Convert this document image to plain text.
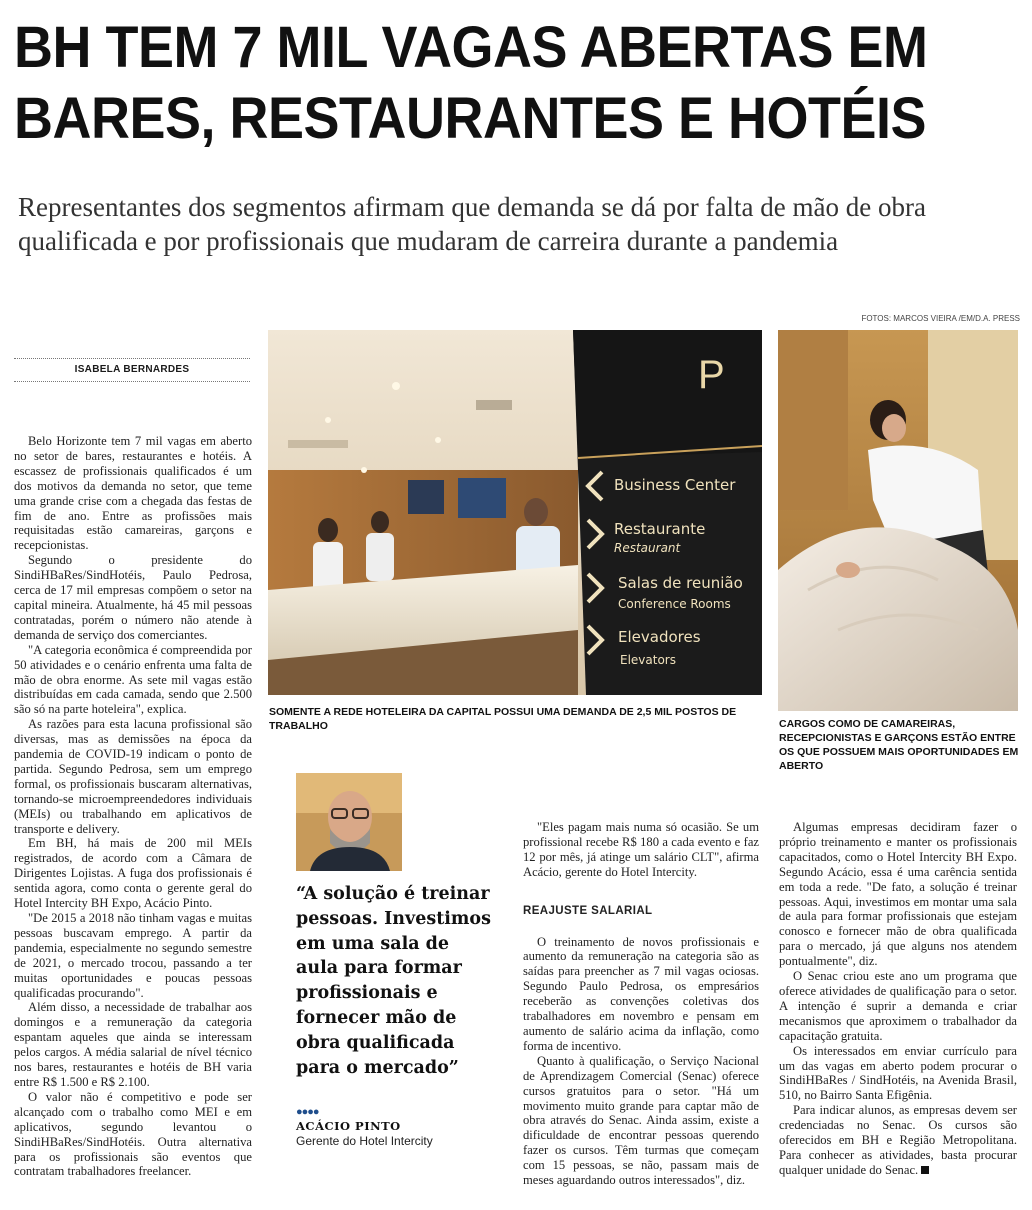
BH TEM 7 MIL VAGAS ABERTAS EM
BARES, RESTAURANTES E HOTÉIS

Representantes dos segmentos afirmam que demanda se dá por falta de mão de obra qualificada e por profissionais que mudaram de carreira durante a pandemia

FOTOS: MARCOS VIEIRA /EM/D.A. PRESS
ISABELA BERNARDES

Belo Horizonte tem 7 mil vagas em aberto no setor de bares, restaurantes e hotéis. A escassez de profissionais qualificados é um dos motivos da demanda no setor, que teme uma grande crise com a chegada das festas de fim de ano. Entre as profissões mais requisitadas estão camareiras, garçons e recepcionistas.

Segundo o presidente do SindiHBaRes/SindHotéis, Paulo Pedrosa, cerca de 17 mil empresas compõem o setor na capital mineira. Atualmente, há 45 mil pessoas contratadas, porém o número não atende à demanda de serviço dos comerciantes.

"A categoria econômica é compreendida por 50 atividades e o cenário enfrenta uma falta de mão de obra enorme. As sete mil vagas estão distribuídas em cada camada, sendo que 2.500 são só na parte hoteleira", explica.

As razões para esta lacuna profissional são diversas, mas as demissões na época da pandemia de COVID-19 indicam o ponto de partida. Segundo Pedrosa, sem um emprego formal, os profissionais buscaram alternativas, tornando-se microempreendedores individuais (MEIs) ou trabalhando em aplicativos de transporte e delivery.

Em BH, há mais de 200 mil MEIs registrados, de acordo com a Câmara de Dirigentes Lojistas. A fuga dos profissionais é sentida agora, como conta o gerente geral do Hotel Intercity BH Expo, Acácio Pinto.

"De 2015 a 2018 não tinham vagas e muitas pessoas buscavam emprego. A partir da pandemia, especialmente no segundo semestre de 2021, o mercado trocou, passando a ter muitas oportunidades e poucas pessoas qualificadas procurando".

Além disso, a necessidade de trabalhar aos domingos e a remuneração da categoria espantam aqueles que ainda se interessam pelos cargos. A média salarial de nível técnico nos bares, restaurantes e hotéis de BH varia entre R$ 1.500 e R$ 2.100.

O valor não é competitivo e pode ser alcançado com o trabalho como MEI e em aplicativos, segundo levantou o SindiHBaRes/SindHotéis. Outra alternativa para os profissionais são eventos que contratam trabalhadores freelancer.

P
Business Center
Restaurante
Restaurant
Salas de reunião
Conference Rooms
Elevadores
Elevators
SOMENTE A REDE HOTELEIRA DA CAPITAL POSSUI UMA DEMANDA DE 2,5 MIL POSTOS DE TRABALHO	CARGOS COMO DE CAMAREIRAS, RECEPCIONISTAS E GARÇONS ESTÃO ENTRE OS QUE POSSUEM MAIS OPORTUNIDADES EM ABERTO

“A solução é treinar pessoas. Investimos em uma sala de aula para formar profissionais e fornecer mão de obra qualificada para o mercado”

●●●●
ACÁCIO PINTO
Gerente do Hotel Intercity

"Eles pagam mais numa só ocasião. Se um profissional recebe R$ 180 a cada evento e faz 12 por mês, já atinge um salário CLT", afirma Acácio, gerente do Hotel Intercity.

REAJUSTE SALARIAL

O treinamento de novos profissionais e aumento da remuneração na categoria são as saídas para preencher as 7 mil vagas ociosas. Segundo Paulo Pedrosa, os empresários receberão as convenções coletivas dos trabalhadores em novembro e pensam em aumento de salário acima da inflação, como forma de incentivo.

Quanto à qualificação, o Serviço Nacional de Aprendizagem Comercial (Senac) oferece cursos gratuitos para o setor. "Há um movimento muito grande para captar mão de obra através do Senac. Ainda assim, existe a dificuldade de encontrar pessoas querendo fazer os cursos. Têm turmas que começam com 15 pessoas, se não, passam mais de meses aguardando outros interessados", diz.

Algumas empresas decidiram fazer o próprio treinamento e manter os profissionais capacitados, como o Hotel Intercity BH Expo. Segundo Acácio, essa é uma carência sentida em toda a rede. "De fato, a solução é treinar pessoas. Aqui, investimos em montar uma sala de aula para formar profissionais que estejam conosco e fornecer mão de obra qualificada para o mercado, já que alguns nos atendem pontualmente", diz.

O Senac criou este ano um programa que oferece atividades de qualificação para o setor. A intenção é suprir a demanda e criar mecanismos que aproximem o trabalhador da capacitação gratuita.

Os interessados em enviar currículo para um das vagas em aberto podem procurar o SindiHBaRes / SindHotéis, na Avenida Brasil, 510, no Bairro Santa Efigênia.

Para indicar alunos, as empresas devem ser credenciadas no Senac. Os cursos são oferecidos em BH e Região Metropolitana. Para conhecer as atividades, basta procurar qualquer unidade do Senac.
